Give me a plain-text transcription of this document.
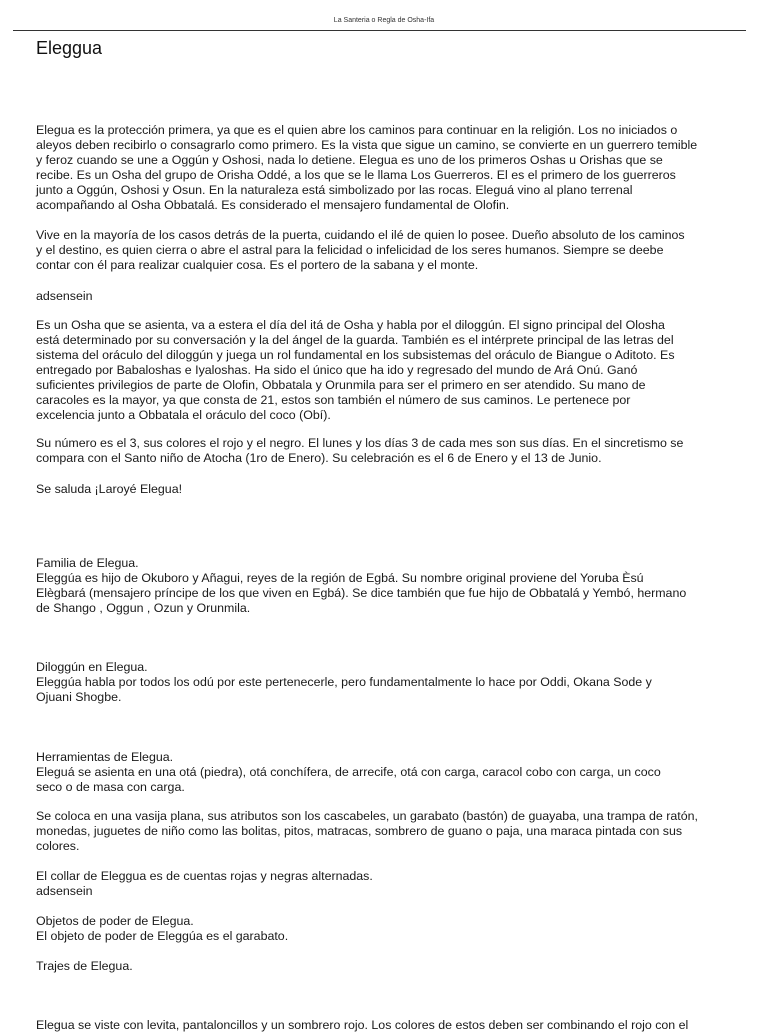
La Santeria o Regla de Osha-Ifa
Eleggua
Elegua es la protección primera, ya que es el quien abre los caminos para continuar en la religión. Los no iniciados o
aleyos deben recibirlo o consagrarlo como primero. Es la vista que sigue un camino, se convierte en un guerrero temible
y feroz cuando se une a Oggún y Oshosi, nada lo detiene. Elegua es uno de los primeros Oshas u Orishas que se
recibe. Es un Osha del grupo de Orisha Oddé, a los que se le llama Los Guerreros. El es el primero de los guerreros
junto a Oggún, Oshosi y Osun. En la naturaleza está simbolizado por las rocas. Eleguá vino al plano terrenal
acompañando al Osha Obbatalá. Es considerado el mensajero fundamental de Olofin.
Vive en la mayoría de los casos detrás de la puerta, cuidando el ilé de quien lo posee. Dueño absoluto de los caminos
y el destino, es quien cierra o abre el astral para la felicidad o infelicidad de los seres humanos. Siempre se deebe
contar con él para realizar cualquier cosa. Es el portero de la sabana y el monte.
adsensein
Es un Osha que se asienta, va a estera el día del itá de Osha y habla por el diloggún. El signo principal del Olosha
está determinado por su conversación y la del ángel de la guarda. También es el intérprete principal de las letras del
sistema del oráculo del diloggún y juega un rol fundamental en los subsistemas del oráculo de Biangue o Aditoto. Es
entregado por Babaloshas e Iyaloshas. Ha sido el único que ha ido y regresado del mundo de Ará Onú. Ganó
suficientes privilegios de parte de Olofin, Obbatala y Orunmila para ser el primero en ser atendido. Su mano de
caracoles es la mayor, ya que consta de 21, estos son también el número de sus caminos. Le pertenece por
excelencia junto a Obbatala el oráculo del coco (Obí).
Su número es el 3, sus colores el rojo y el negro. El lunes y los días 3 de cada mes son sus días. En el sincretismo se
compara con el Santo niño de Atocha (1ro de Enero). Su celebración es el 6 de Enero y el 13 de Junio.
Se saluda ¡Laroyé Elegua!
Familia de Elegua.
Eleggúa es hijo de Okuboro y Añagui, reyes de la región de Egbá. Su nombre original proviene del Yoruba Èsú
Elègbará (mensajero príncipe de los que viven en Egbá). Se dice también que fue hijo de Obbatalá y Yembó, hermano
de Shango , Oggun , Ozun y Orunmila.
Diloggún en Elegua.
Eleggúa habla por todos los odú por este pertenecerle, pero fundamentalmente lo hace por Oddi, Okana Sode y
Ojuani Shogbe.
Herramientas de Elegua.
Eleguá se asienta en una otá (piedra), otá conchífera, de arrecife, otá con carga, caracol cobo con carga, un coco
seco o de masa con carga.
Se coloca en una vasija plana, sus atributos son los cascabeles, un garabato (bastón) de guayaba, una trampa de ratón,
monedas, juguetes de niño como las bolitas, pitos, matracas, sombrero de guano o paja, una maraca pintada con sus
colores.
El collar de Eleggua es de cuentas rojas y negras alternadas.
adsensein
Objetos de poder de Elegua.
El objeto de poder de Eleggúa es el garabato.
Trajes de Elegua.
Elegua se viste con levita, pantaloncillos y un sombrero rojo. Los colores de estos deben ser combinando el rojo con el
